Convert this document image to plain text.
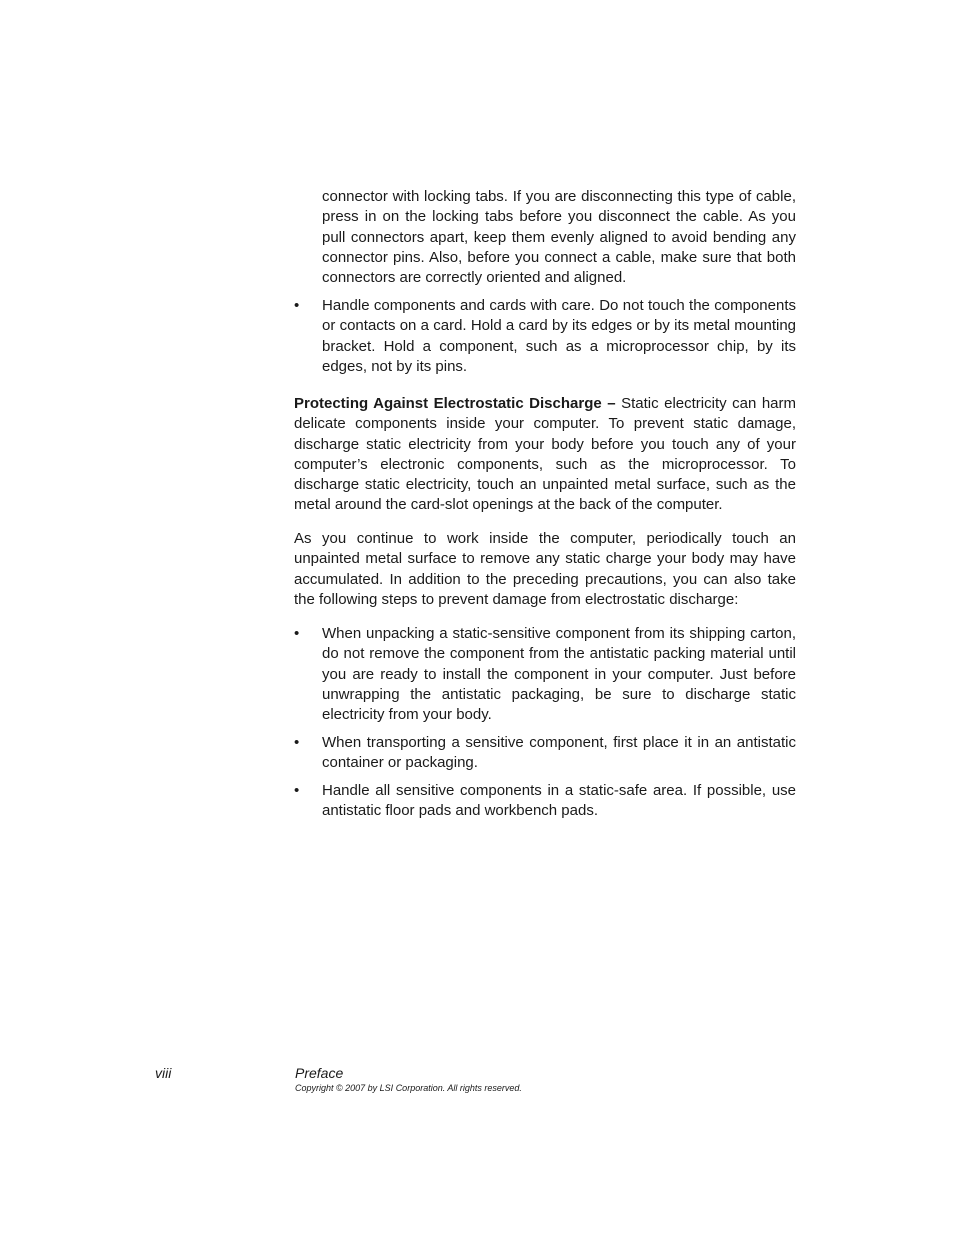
connector with locking tabs. If you are disconnecting this type of cable, press in on the locking tabs before you disconnect the cable. As you pull connectors apart, keep them evenly aligned to avoid bending any connector pins. Also, before you connect a cable, make sure that both connectors are correctly oriented and aligned.
•	Handle components and cards with care. Do not touch the components or contacts on a card. Hold a card by its edges or by its metal mounting bracket. Hold a component, such as a microprocessor chip, by its edges, not by its pins.
Protecting Against Electrostatic Discharge – Static electricity can harm delicate components inside your computer. To prevent static damage, discharge static electricity from your body before you touch any of your computer’s electronic components, such as the microprocessor. To discharge static electricity, touch an unpainted metal surface, such as the metal around the card-slot openings at the back of the computer.
As you continue to work inside the computer, periodically touch an unpainted metal surface to remove any static charge your body may have accumulated. In addition to the preceding precautions, you can also take the following steps to prevent damage from electrostatic discharge:
•	When unpacking a static-sensitive component from its shipping carton, do not remove the component from the antistatic packing material until you are ready to install the component in your computer. Just before unwrapping the antistatic packaging, be sure to discharge static electricity from your body.
•	When transporting a sensitive component, first place it in an antistatic container or packaging.
•	Handle all sensitive components in a static-safe area. If possible, use antistatic floor pads and workbench pads.
viii	Preface
Copyright © 2007 by LSI Corporation. All rights reserved.
